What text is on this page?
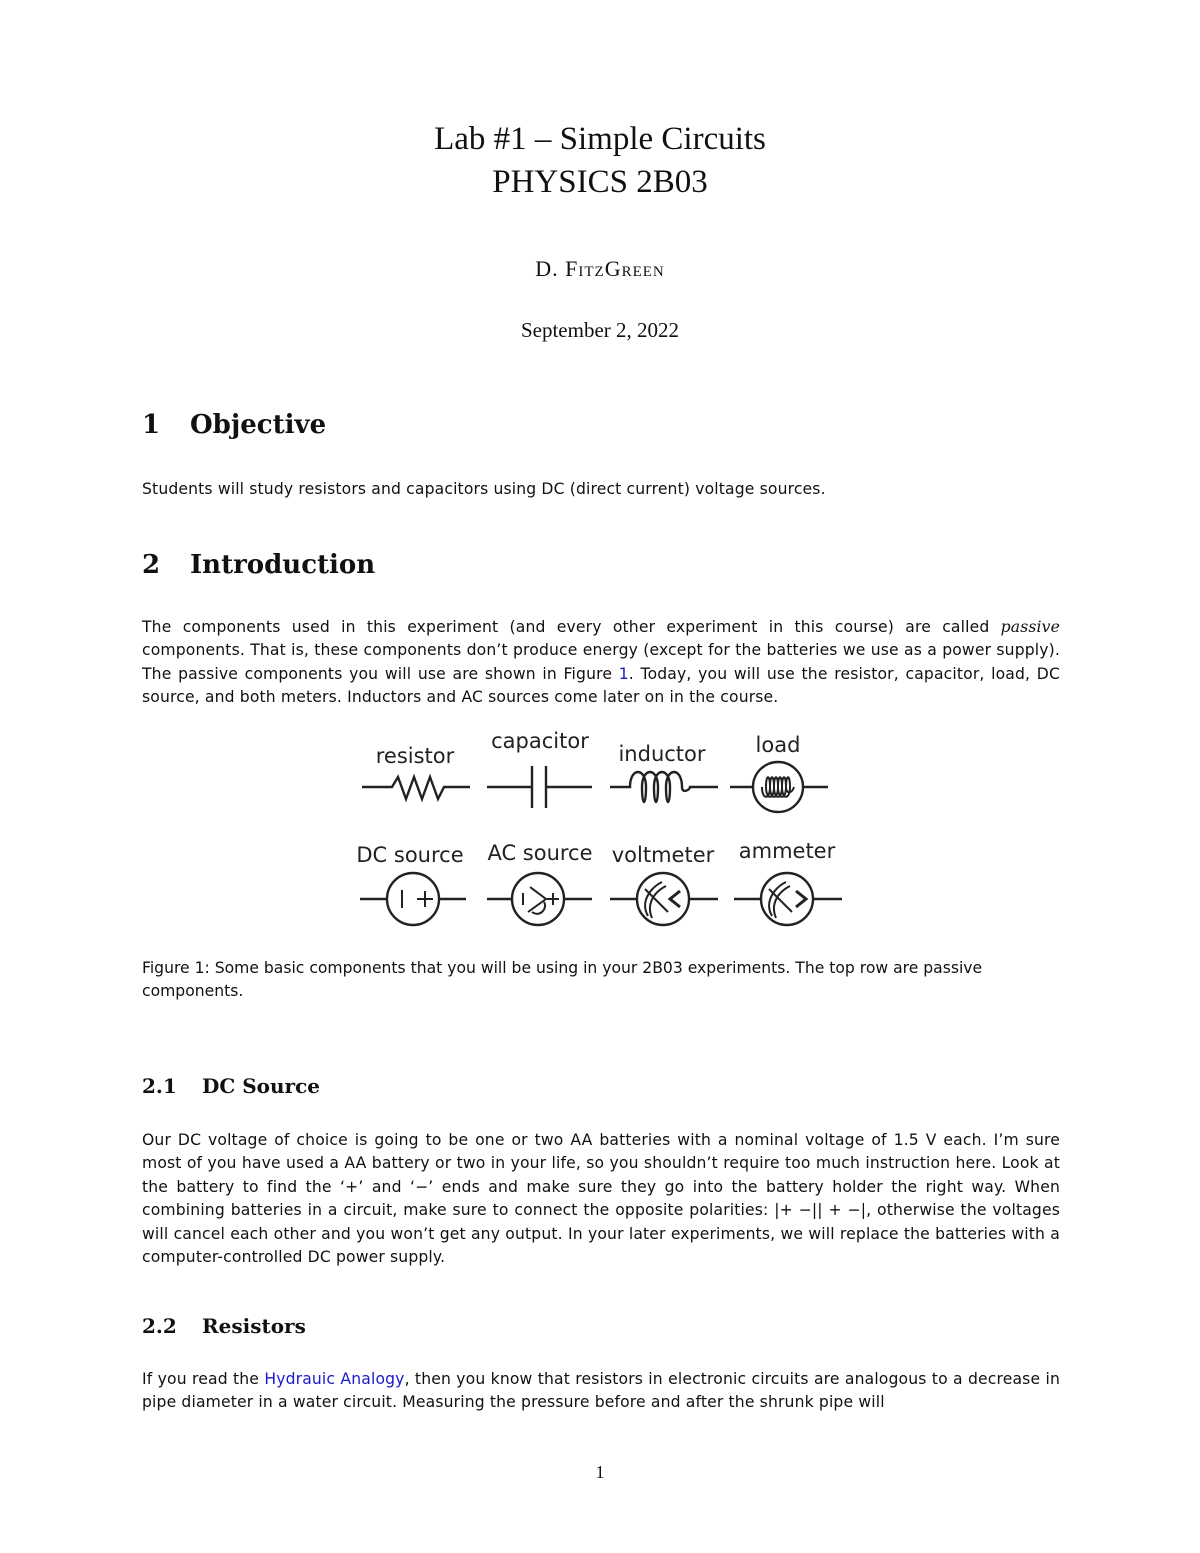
Lab #1 – Simple Circuits
PHYSICS 2B03
D. FitzGreen
September 2, 2022
1 Objective
Students will study resistors and capacitors using DC (direct current) voltage sources.
2 Introduction
The components used in this experiment (and every other experiment in this course) are called passive components. That is, these components don’t produce energy (except for the batteries we use as a power supply). The passive components you will use are shown in Figure 1. Today, you will use the resistor, capacitor, load, DC source, and both meters. Inductors and AC sources come later on in the course.
resistor
capacitor
inductor load
DC source AC source voltmeter ammeter
Figure 1: Some basic components that you will be using in your 2B03 experiments. The top row are passive components.
2.1 DC Source
Our DC voltage of choice is going to be one or two AA batteries with a nominal voltage of 1.5 V each. I’m sure most of you have used a AA battery or two in your life, so you shouldn’t require too much instruction here. Look at the battery to find the ‘+’ and ‘−’ ends and make sure they go into the battery holder the right way. When combining batteries in a circuit, make sure to connect the opposite polarities: |+ −|| + −|, otherwise the voltages will cancel each other and you won’t get any output. In your later experiments, we will replace the batteries with a computer-controlled DC power supply.
2.2 Resistors
If you read the Hydrauic Analogy, then you know that resistors in electronic circuits are analogous to a decrease in pipe diameter in a water circuit. Measuring the pressure before and after the shrunk pipe will
1
